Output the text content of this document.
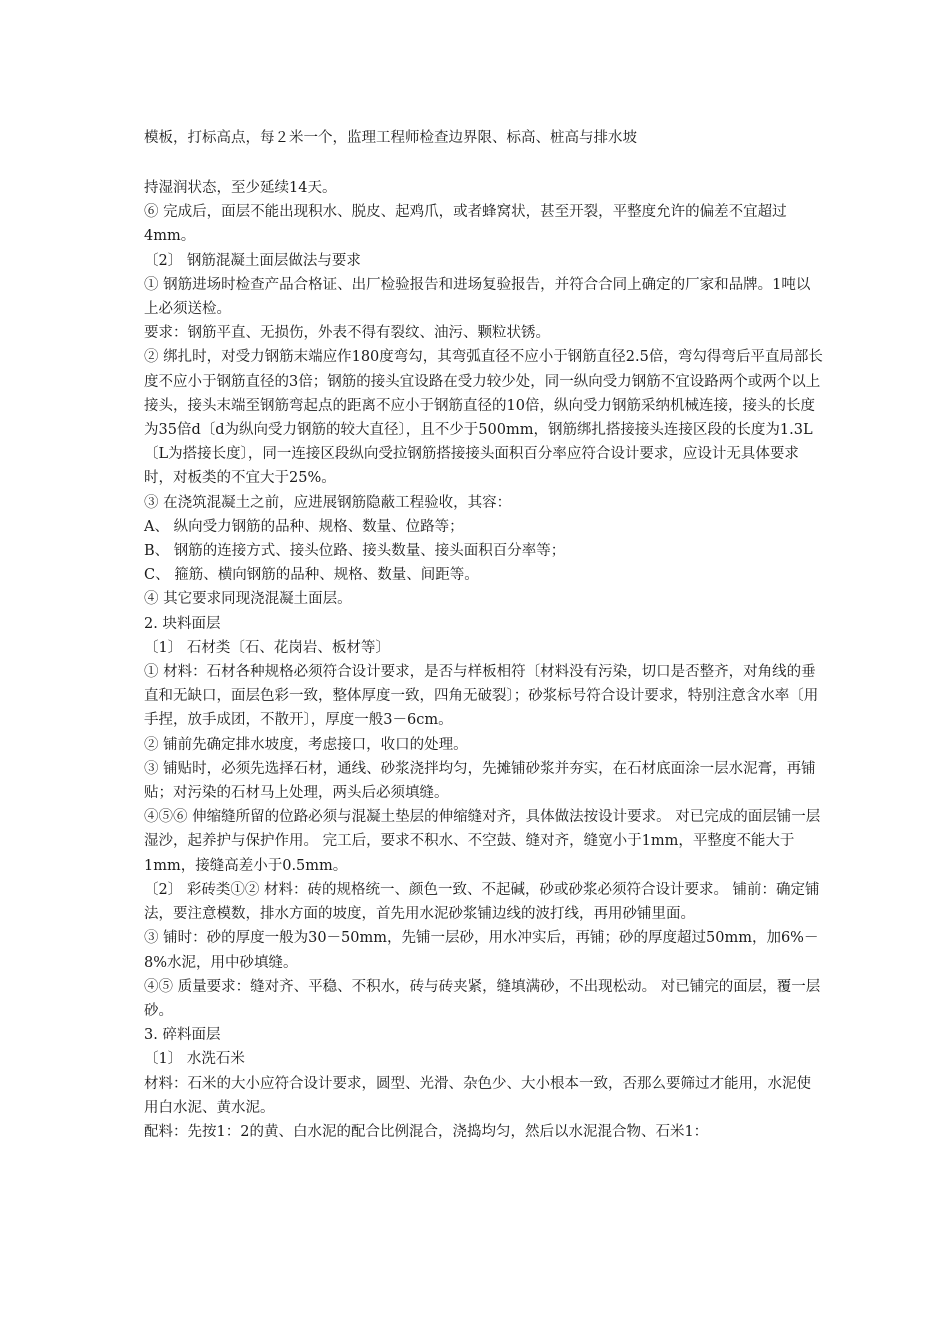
模板，打标高点，每２米一个，监理工程师检查边界限、标高、桩高与排水坡

持湿润状态，至少延续14天。

⑥ 完成后，面层不能出现积水、脱皮、起鸡爪，或者蜂窝状，甚至开裂，平整度允许的偏差不宜超过4mm。

〔2〕 钢筋混凝土面层做法与要求

① 钢筋进场时检查产品合格证、出厂检验报告和进场复验报告，并符合合同上确定的厂家和品牌。1吨以上必须送检。

要求：钢筋平直、无损伤，外表不得有裂纹、油污、颗粒状锈。

② 绑扎时，对受力钢筋末端应作180度弯勾，其弯弧直径不应小于钢筋直径2.5倍，弯勾得弯后平直局部长度不应小于钢筋直径的3倍；钢筋的接头宜设路在受力较少处，同一纵向受力钢筋不宜设路两个或两个以上接头，接头末端至钢筋弯起点的距离不应小于钢筋直径的10倍，纵向受力钢筋采纳机械连接，接头的长度为35倍d〔d为纵向受力钢筋的较大直径〕，且不少于500mm，钢筋绑扎搭接接头连接区段的长度为1.3L〔L为搭接长度〕，同一连接区段纵向受拉钢筋搭接接头面积百分率应符合设计要求，应设计无具体要求时，对板类的不宜大于25%。

③ 在浇筑混凝土之前，应进展钢筋隐蔽工程验收，其容：

A、 纵向受力钢筋的品种、规格、数量、位路等；

B、 钢筋的连接方式、接头位路、接头数量、接头面积百分率等；

C、 箍筋、横向钢筋的品种、规格、数量、间距等。

④ 其它要求同现浇混凝土面层。

2. 块料面层

〔1〕 石材类〔石、花岗岩、板材等〕

① 材料：石材各种规格必须符合设计要求，是否与样板相符〔材料没有污染，切口是否整齐，对角线的垂直和无缺口，面层色彩一致，整体厚度一致，四角无破裂〕；砂浆标号符合设计要求，特别注意含水率〔用手捏，放手成团，不散开〕，厚度一般3－6cm。

② 铺前先确定排水坡度，考虑接口，收口的处理。

③ 铺贴时，必须先选择石材，通线、砂浆浇拌均匀，先摊铺砂浆并夯实，在石材底面涂一层水泥膏，再铺贴；对污染的石材马上处理，两头后必须填缝。

④⑤⑥ 伸缩缝所留的位路必须与混凝土垫层的伸缩缝对齐，具体做法按设计要求。 对已完成的面层铺一层湿沙，起养护与保护作用。 完工后，要求不积水、不空鼓、缝对齐，缝宽小于1mm，平整度不能大于1mm，接缝高差小于0.5mm。

〔2〕 彩砖类①② 材料：砖的规格统一、颜色一致、不起碱，砂或砂浆必须符合设计要求。 铺前：确定铺法，要注意模数，排水方面的坡度，首先用水泥砂浆铺边线的波打线，再用砂铺里面。

③ 铺时：砂的厚度一般为30－50mm，先铺一层砂，用水冲实后，再铺；砂的厚度超过50mm，加6%－8%水泥，用中砂填缝。

④⑤ 质量要求：缝对齐、平稳、不积水，砖与砖夹紧，缝填满砂，不出现松动。 对已铺完的面层，覆一层砂。

3. 碎料面层

〔1〕 水洗石米

材料：石米的大小应符合设计要求，圆型、光滑、杂色少、大小根本一致，否那么要筛过才能用，水泥使用白水泥、黄水泥。

配料：先按1：2的黄、白水泥的配合比例混合，浇捣均匀，然后以水泥混合物、石米1：
